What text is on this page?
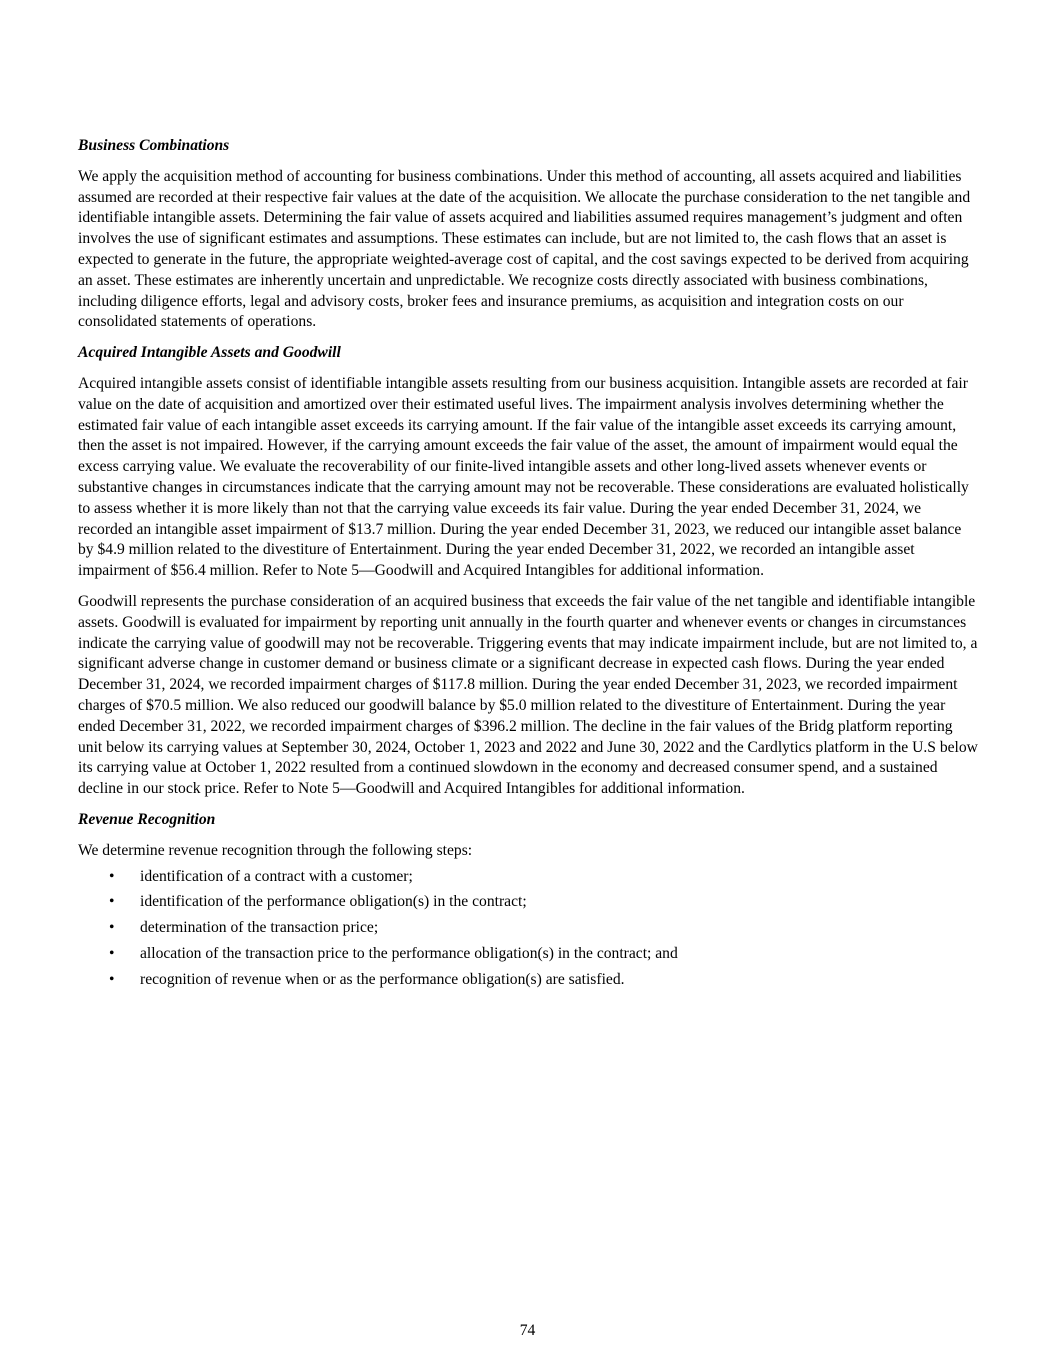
Business Combinations

We apply the acquisition method of accounting for business combinations. Under this method of accounting, all assets acquired and liabilities assumed are recorded at their respective fair values at the date of the acquisition. We allocate the purchase consideration to the net tangible and identifiable intangible assets. Determining the fair value of assets acquired and liabilities assumed requires management’s judgment and often involves the use of significant estimates and assumptions. These estimates can include, but are not limited to, the cash flows that an asset is expected to generate in the future, the appropriate weighted-average cost of capital, and the cost savings expected to be derived from acquiring an asset. These estimates are inherently uncertain and unpredictable. We recognize costs directly associated with business combinations, including diligence efforts, legal and advisory costs, broker fees and insurance premiums, as acquisition and integration costs on our consolidated statements of operations.

Acquired Intangible Assets and Goodwill

Acquired intangible assets consist of identifiable intangible assets resulting from our business acquisition. Intangible assets are recorded at fair value on the date of acquisition and amortized over their estimated useful lives. The impairment analysis involves determining whether the estimated fair value of each intangible asset exceeds its carrying amount. If the fair value of the intangible asset exceeds its carrying amount, then the asset is not impaired. However, if the carrying amount exceeds the fair value of the asset, the amount of impairment would equal the excess carrying value. We evaluate the recoverability of our finite-lived intangible assets and other long-lived assets whenever events or substantive changes in circumstances indicate that the carrying amount may not be recoverable. These considerations are evaluated holistically to assess whether it is more likely than not that the carrying value exceeds its fair value. During the year ended December 31, 2024, we recorded an intangible asset impairment of $13.7 million. During the year ended December 31, 2023, we reduced our intangible asset balance by $4.9 million related to the divestiture of Entertainment. During the year ended December 31, 2022, we recorded an intangible asset impairment of $56.4 million. Refer to Note 5—Goodwill and Acquired Intangibles for additional information.

Goodwill represents the purchase consideration of an acquired business that exceeds the fair value of the net tangible and identifiable intangible assets. Goodwill is evaluated for impairment by reporting unit annually in the fourth quarter and whenever events or changes in circumstances indicate the carrying value of goodwill may not be recoverable. Triggering events that may indicate impairment include, but are not limited to, a significant adverse change in customer demand or business climate or a significant decrease in expected cash flows. During the year ended December 31, 2024, we recorded impairment charges of $117.8 million. During the year ended December 31, 2023, we recorded impairment charges of $70.5 million. We also reduced our goodwill balance by $5.0 million related to the divestiture of Entertainment. During the year ended December 31, 2022, we recorded impairment charges of $396.2 million. The decline in the fair values of the Bridg platform reporting unit below its carrying values at September 30, 2024, October 1, 2023 and 2022 and June 30, 2022 and the Cardlytics platform in the U.S below its carrying value at October 1, 2022 resulted from a continued slowdown in the economy and decreased consumer spend, and a sustained decline in our stock price. Refer to Note 5—Goodwill and Acquired Intangibles for additional information.

Revenue Recognition

We determine revenue recognition through the following steps:

•	identification of a contract with a customer;
•	identification of the performance obligation(s) in the contract;
•	determination of the transaction price;
•	allocation of the transaction price to the performance obligation(s) in the contract; and
•	recognition of revenue when or as the performance obligation(s) are satisfied.
74
